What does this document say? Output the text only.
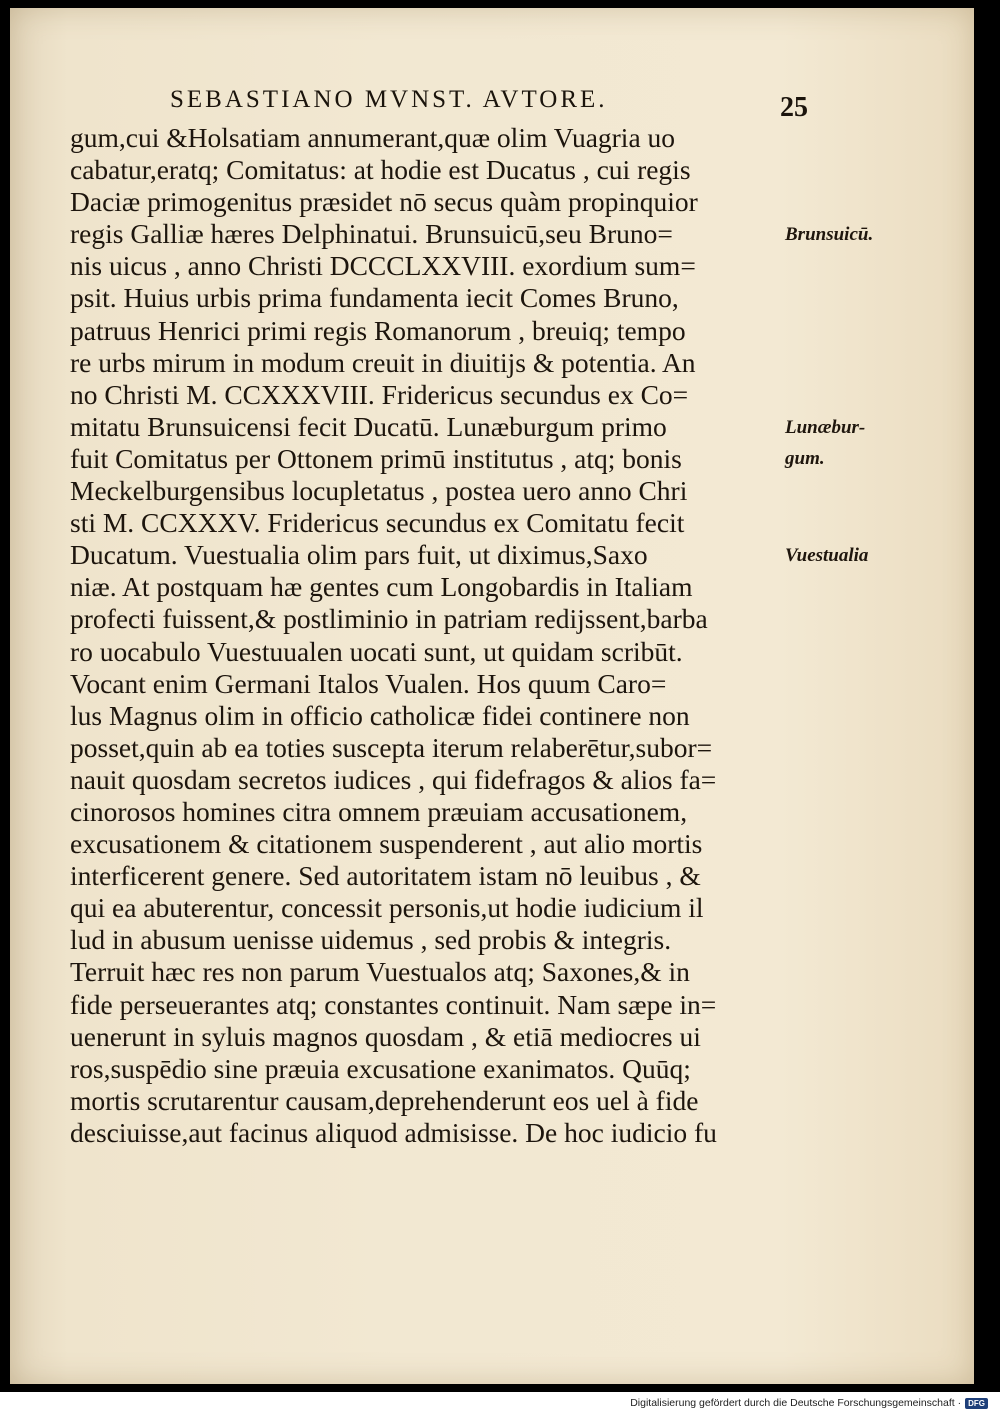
SEBASTIANO MVNST. AVTORE.	25
gum,cui &Holsatiam annumerant,quæ olim Vuagria uo
cabatur,eratq; Comitatus: at hodie est Ducatus , cui regis
Daciæ primogenitus præsidet nō secus quàm propinquior
regis Galliæ hæres Delphinatui. Brunsuicū,seu Bruno=
nis uicus , anno Christi DCCCLXXVIII. exordium sum=
psit. Huius urbis prima fundamenta iecit Comes Bruno,
patruus Henrici primi regis Romanorum , breuiq; tempo
re urbs mirum in modum creuit in diuitijs & potentia. An
no Christi M. CCXXXVIII. Fridericus secundus ex Co=
mitatu Brunsuicensi fecit Ducatū. Lunæburgum primo
fuit Comitatus per Ottonem primū institutus , atq; bonis
Meckelburgensibus locupletatus , postea uero anno Chri
sti M. CCXXXV. Fridericus secundus ex Comitatu fecit
Ducatum. Vuestualia olim pars fuit, ut diximus,Saxo
niæ. At postquam hæ gentes cum Longobardis in Italiam
profecti fuissent,& postliminio in patriam redijssent,barba
ro uocabulo Vuestuualen uocati sunt, ut quidam scribūt.
Vocant enim Germani Italos Vualen. Hos quum Caro=
lus Magnus olim in officio catholicæ fidei continere non
posset,quin ab ea toties suscepta iterum relaberētur,subor=
nauit quosdam secretos iudices , qui fidefragos & alios fa=
cinorosos homines citra omnem præuiam accusationem,
excusationem & citationem suspenderent , aut alio mortis
interficerent genere. Sed autoritatem istam nō leuibus , &
qui ea abuterentur, concessit personis,ut hodie iudicium il
lud in abusum uenisse uidemus , sed probis & integris.
Terruit hæc res non parum Vuestualos atq; Saxones,& in
fide perseuerantes atq; constantes continuit. Nam sæpe in=
uenerunt in syluis magnos quosdam , & etiā mediocres ui
ros,suspēdio sine præuia excusatione exanimatos. Quūq;
mortis scrutarentur causam,deprehenderunt eos uel à fide
desciuisse,aut facinus aliquod admisisse. De hoc iudicio fu
Brunsuicū.
Lunæbur-
gum.
Vuestualia
Digitalisierung gefördert durch die Deutsche Forschungsgemeinschaft · DFG
